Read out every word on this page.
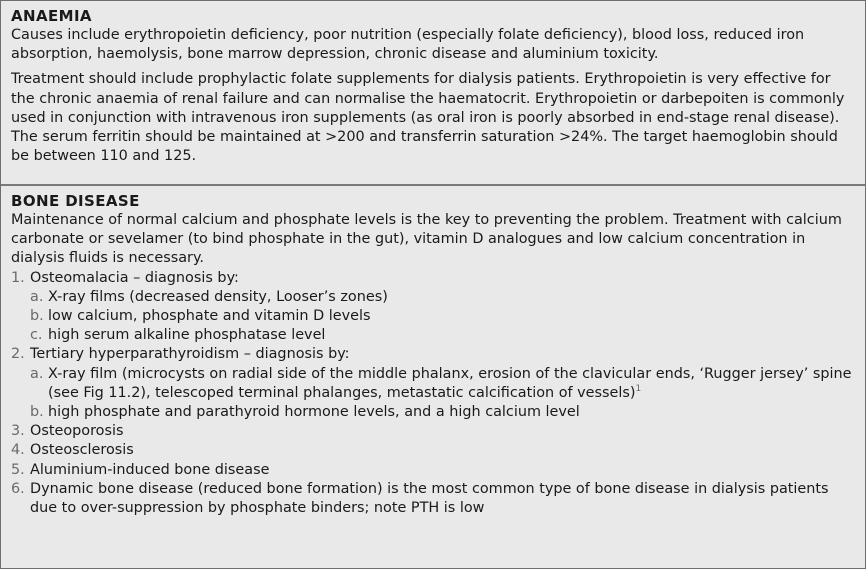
ANAEMIA

Causes include erythropoietin deficiency, poor nutrition (especially folate deficiency), blood loss, reduced iron absorption, haemolysis, bone marrow depression, chronic disease and aluminium toxicity.

Treatment should include prophylactic folate supplements for dialysis patients. Erythropoietin is very effective for the chronic anaemia of renal failure and can normalise the haematocrit. Erythropoietin or darbepoiten is commonly used in conjunction with intravenous iron supplements (as oral iron is poorly absorbed in end-stage renal disease). The serum ferritin should be maintained at >200 and transferrin saturation >24%. The target haemoglobin should be between 110 and 125.

BONE DISEASE

Maintenance of normal calcium and phosphate levels is the key to preventing the problem. Treatment with calcium carbonate or sevelamer (to bind phosphate in the gut), vitamin D analogues and low calcium concentration in dialysis fluids is necessary.

1. Osteomalacia – diagnosis by:
a. X-ray films (decreased density, Looser’s zones)
b. low calcium, phosphate and vitamin D levels
c. high serum alkaline phosphatase level
2. Tertiary hyperparathyroidism – diagnosis by:
a. X-ray film (microcysts on radial side of the middle phalanx, erosion of the clavicular ends, ‘Rugger jersey’ spine (see Fig 11.2), telescoped terminal phalanges, metastatic calcification of vessels)$^1$
b. high phosphate and parathyroid hormone levels, and a high calcium level
3. Osteoporosis
4. Osteosclerosis
5. Aluminium-induced bone disease
6. Dynamic bone disease (reduced bone formation) is the most common type of bone disease in dialysis patients due to over-suppression by phosphate binders; note PTH is low
